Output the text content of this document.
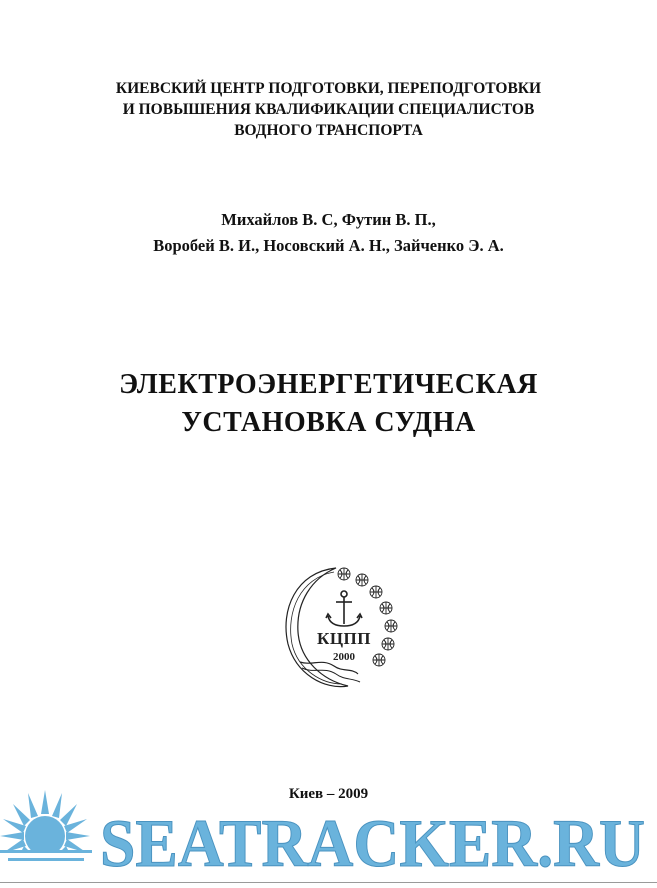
КИЕВСКИЙ ЦЕНТР ПОДГОТОВКИ, ПЕРЕПОДГОТОВКИ
И ПОВЫШЕНИЯ КВАЛИФИКАЦИИ СПЕЦИАЛИСТОВ
ВОДНОГО ТРАНСПОРТА
Михайлов В. С, Футин В. П.,
Воробей В. И., Носовский А. Н., Зайченко Э. А.
ЭЛЕКТРОЭНЕРГЕТИЧЕСКАЯ
УСТАНОВКА СУДНА
КЦПП
2000
Киев – 2009
SEATRACKER.RU
